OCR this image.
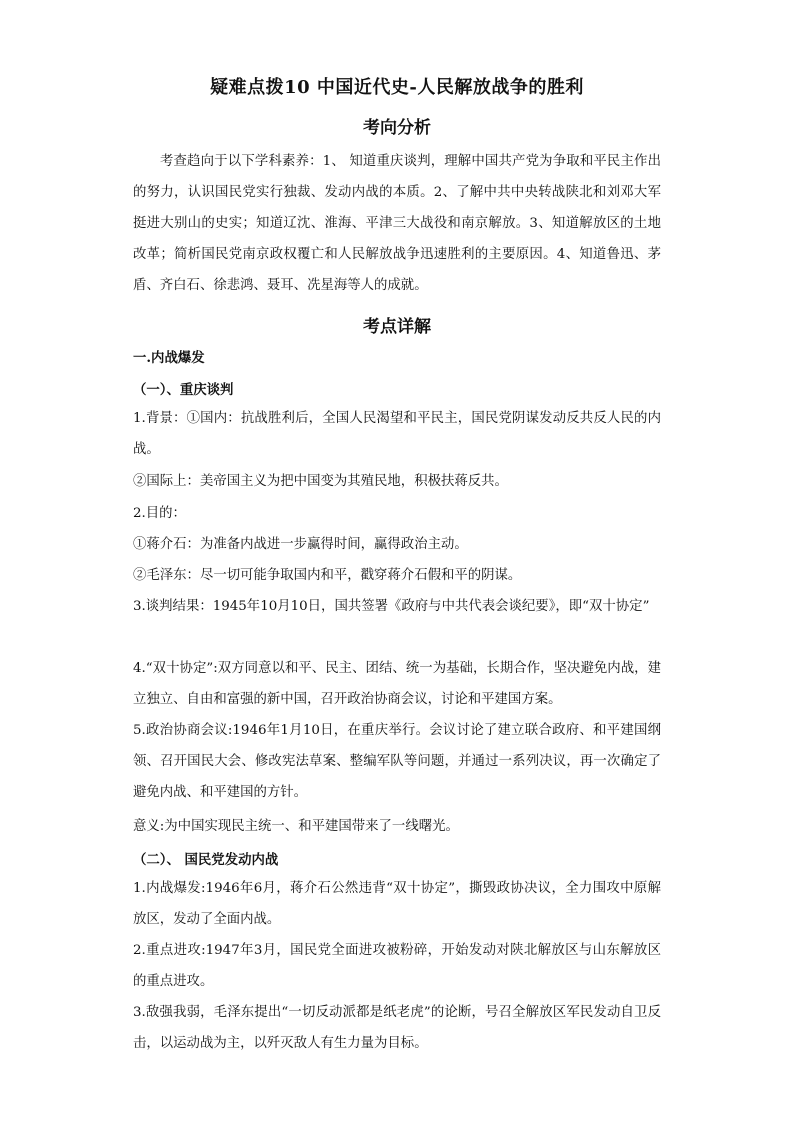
疑难点拨10 中国近代史-人民解放战争的胜利
考向分析
考查趋向于以下学科素养：1、 知道重庆谈判，理解中国共产党为争取和平民主作出的努力，认识国民党实行独裁、发动内战的本质。2、了解中共中央转战陕北和刘邓大军挺进大别山的史实；知道辽沈、淮海、平津三大战役和南京解放。3、知道解放区的土地改革；简析国民党南京政权覆亡和人民解放战争迅速胜利的主要原因。4、知道鲁迅、茅盾、齐白石、徐悲鸿、聂耳、冼星海等人的成就。
考点详解
一.内战爆发
（一）、重庆谈判
1.背景：①国内：抗战胜利后，全国人民渴望和平民主，国民党阴谋发动反共反人民的内战。
②国际上：美帝国主义为把中国变为其殖民地，积极扶蒋反共。
2.目的：
①蒋介石：为准备内战进一步赢得时间，赢得政治主动。
②毛泽东：尽一切可能争取国内和平，戳穿蒋介石假和平的阴谋。
3.谈判结果：1945年10月10日，国共签署《政府与中共代表会谈纪要》，即“双十协定”
4.“双十协定”:双方同意以和平、民主、团结、统一为基础，长期合作，坚决避免内战，建立独立、自由和富强的新中国，召开政治协商会议，讨论和平建国方案。
5.政治协商会议:1946年1月10日，在重庆举行。会议讨论了建立联合政府、和平建国纲领、召开国民大会、修改宪法草案、整编军队等问题，并通过一系列决议，再一次确定了避免内战、和平建国的方针。
意义:为中国实现民主统一、和平建国带来了一线曙光。
（二）、 国民党发动内战
1.内战爆发:1946年6月，蒋介石公然违背“双十协定”，撕毁政协决议，全力围攻中原解放区，发动了全面内战。
2.重点进攻:1947年3月，国民党全面进攻被粉碎，开始发动对陕北解放区与山东解放区的重点进攻。
3.敌强我弱，毛泽东提出“一切反动派都是纸老虎”的论断，号召全解放区军民发动自卫反击，以运动战为主，以歼灭敌人有生力量为目标。
